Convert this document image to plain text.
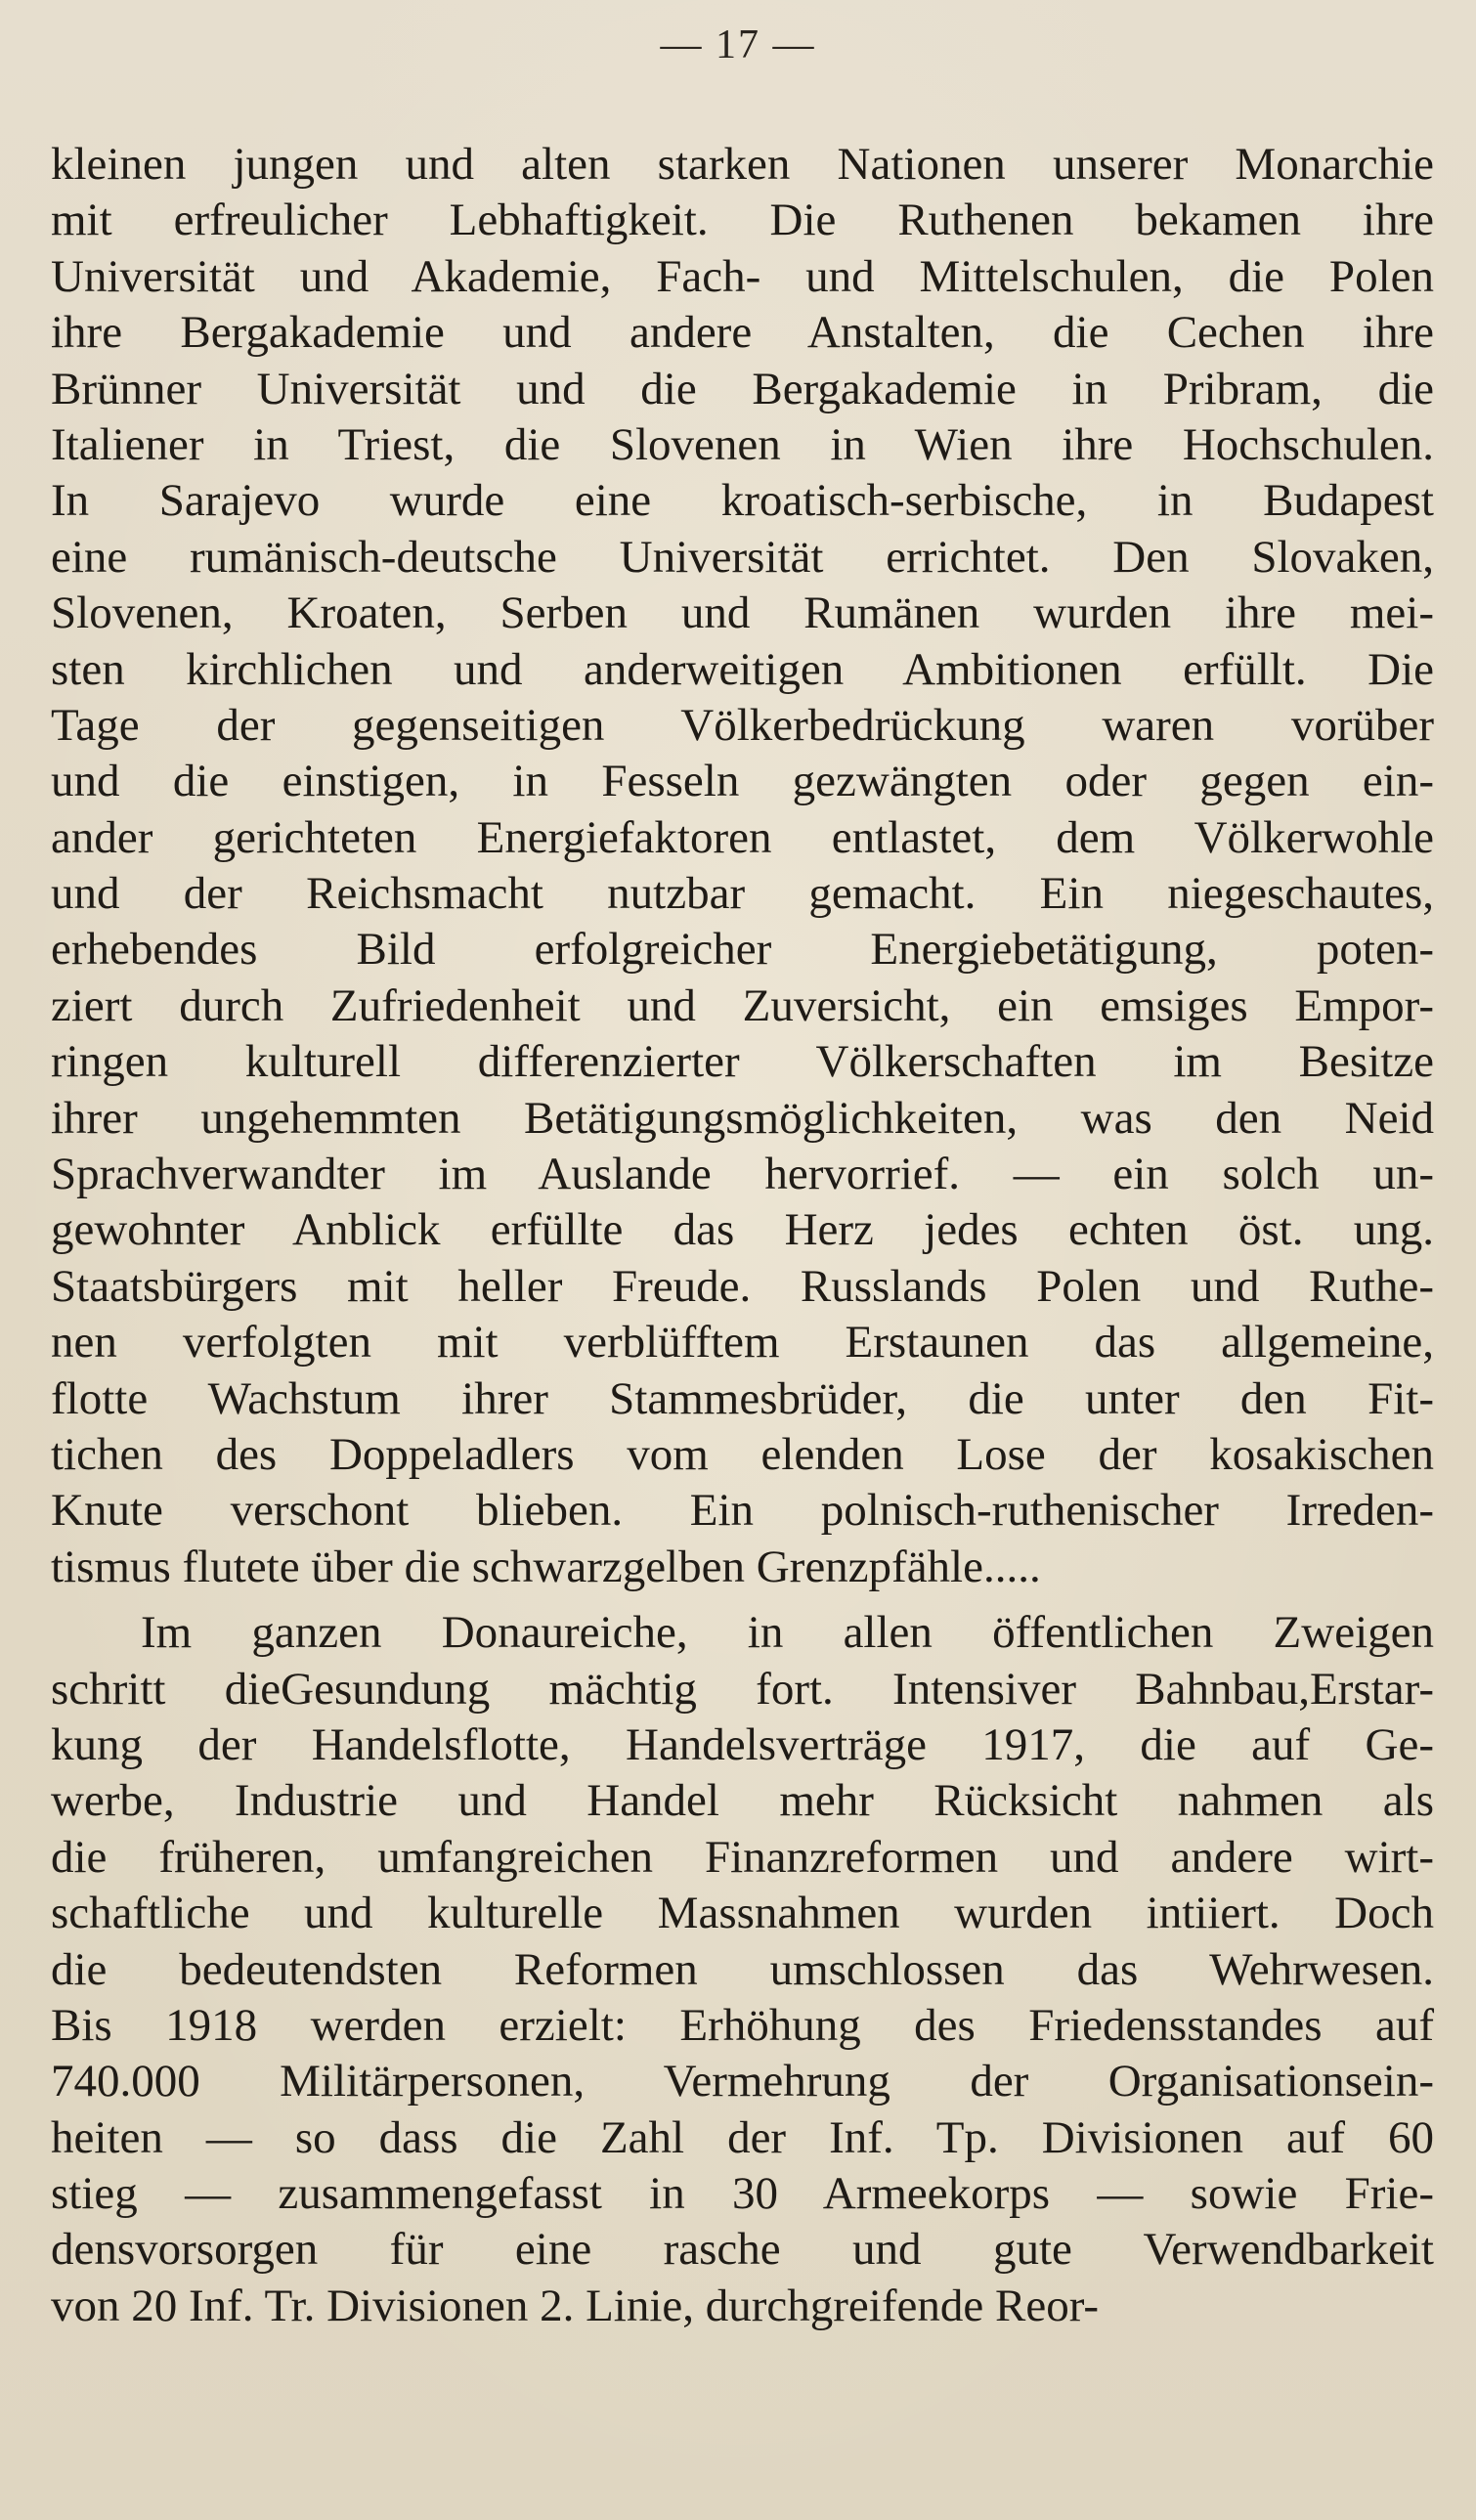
— 17 —
kleinen jungen und alten starken Nationen unserer Monarchie
mit erfreulicher Lebhaftigkeit. Die Ruthenen bekamen ihre
Universität und Akademie, Fach- und Mittelschulen, die Polen
ihre Bergakademie und andere Anstalten, die Cechen ihre
Brünner Universität und die Bergakademie in Pribram, die
Italiener in Triest, die Slovenen in Wien ihre Hochschulen.
In Sarajevo wurde eine kroatisch-serbische, in Budapest
eine rumänisch-deutsche Universität errichtet. Den Slovaken,
Slovenen, Kroaten, Serben und Rumänen wurden ihre mei-
sten kirchlichen und anderweitigen Ambitionen erfüllt. Die
Tage der gegenseitigen Völkerbedrückung waren vorüber
und die einstigen, in Fesseln gezwängten oder gegen ein-
ander gerichteten Energiefaktoren entlastet, dem Völkerwohle
und der Reichsmacht nutzbar gemacht. Ein niegeschautes,
erhebendes Bild erfolgreicher Energiebetätigung, poten-
ziert durch Zufriedenheit und Zuversicht, ein emsiges Empor-
ringen kulturell differenzierter Völkerschaften im Besitze
ihrer ungehemmten Betätigungsmöglichkeiten, was den Neid
Sprachverwandter im Auslande hervorrief. — ein solch un-
gewohnter Anblick erfüllte das Herz jedes echten öst. ung.
Staatsbürgers mit heller Freude. Russlands Polen und Ruthe-
nen verfolgten mit verblüfftem Erstaunen das allgemeine,
flotte Wachstum ihrer Stammesbrüder, die unter den Fit-
tichen des Doppeladlers vom elenden Lose der kosakischen
Knute verschont blieben. Ein polnisch-ruthenischer Irreden-
tismus flutete über die schwarzgelben Grenzpfähle.....
Im ganzen Donaureiche, in allen öffentlichen Zweigen
schritt dieGesundung mächtig fort. Intensiver Bahnbau,Erstar-
kung der Handelsflotte, Handelsverträge 1917, die auf Ge-
werbe, Industrie und Handel mehr Rücksicht nahmen als
die früheren, umfangreichen Finanzreformen und andere wirt-
schaftliche und kulturelle Massnahmen wurden intiiert. Doch
die bedeutendsten Reformen umschlossen das Wehrwesen.
Bis 1918 werden erzielt: Erhöhung des Friedensstandes auf
740.000 Militärpersonen, Vermehrung der Organisationsein-
heiten — so dass die Zahl der Inf. Tp. Divisionen auf 60
stieg — zusammengefasst in 30 Armeekorps — sowie Frie-
densvorsorgen für eine rasche und gute Verwendbarkeit
von 20 Inf. Tr. Divisionen 2. Linie, durchgreifende Reor-
